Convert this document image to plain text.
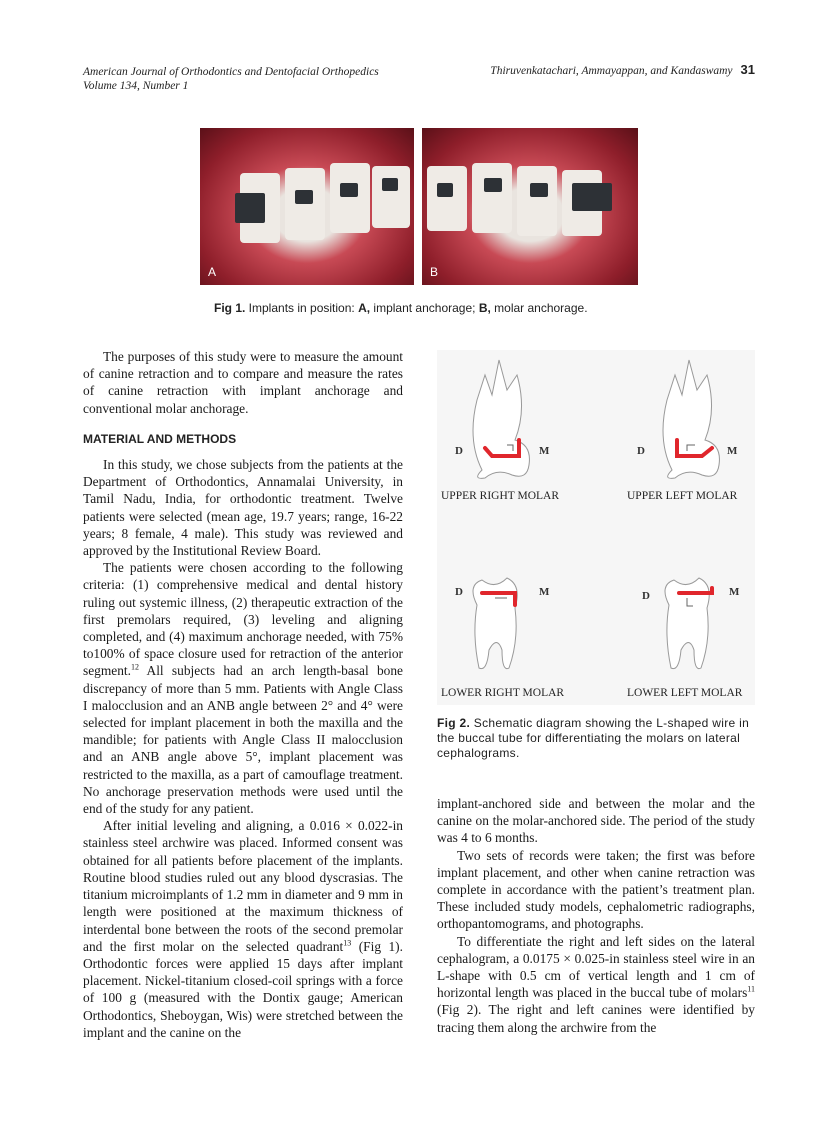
American Journal of Orthodontics and Dentofacial Orthopedics
Volume 134, Number 1
Thiruvenkatachari, Ammayappan, and Kandaswamy 31
A	B
Fig 1. Implants in position: A, implant anchorage; B, molar anchorage.

The purposes of this study were to measure the amount of canine retraction and to compare and measure the rates of canine retraction with implant anchorage and conventional molar anchorage.

MATERIAL AND METHODS

In this study, we chose subjects from the patients at the Department of Orthodontics, Annamalai University, in Tamil Nadu, India, for orthodontic treatment. Twelve patients were selected (mean age, 19.7 years; range, 16-22 years; 8 female, 4 male). This study was reviewed and approved by the Institutional Review Board.

The patients were chosen according to the following criteria: (1) comprehensive medical and dental history ruling out systemic illness, (2) therapeutic extraction of the first premolars required, (3) leveling and aligning completed, and (4) maximum anchorage needed, with 75% to100% of space closure used for retraction of the anterior segment.$^{12}$ All subjects had an arch length-basal bone discrepancy of more than 5 mm. Patients with Angle Class I malocclusion and an ANB angle between 2° and 4° were selected for implant placement in both the maxilla and the mandible; for patients with Angle Class II malocclusion and an ANB angle above 5°, implant placement was restricted to the maxilla, as a part of camouflage treatment. No anchorage preservation methods were used until the end of the study for any patient.

After initial leveling and aligning, a 0.016 × 0.022-in stainless steel archwire was placed. Informed consent was obtained for all patients before placement of the implants. Routine blood studies ruled out any blood dyscrasias. The titanium microimplants of 1.2 mm in diameter and 9 mm in length were positioned at the maximum thickness of interdental bone between the roots of the second premolar and the first molar on the selected quadrant$^{13}$ (Fig 1). Orthodontic forces were applied 15 days after implant placement. Nickel-titanium closed-coil springs with a force of 100 g (measured with the Dontix gauge; American Orthodontics, Sheboygan, Wis) were stretched between the implant and the canine on the

D	M	D	M
D	M	D	M
UPPER RIGHT MOLAR	UPPER LEFT MOLAR
LOWER RIGHT MOLAR	LOWER LEFT MOLAR
Fig 2. Schematic diagram showing the L-shaped wire in the buccal tube for differentiating the molars on lateral cephalograms.

implant-anchored side and between the molar and the canine on the molar-anchored side. The period of the study was 4 to 6 months.

Two sets of records were taken; the first was before implant placement, and other when canine retraction was complete in accordance with the patient’s treatment plan. These included study models, cephalometric radiographs, orthopantomograms, and photographs.

To differentiate the right and left sides on the lateral cephalogram, a 0.0175 × 0.025-in stainless steel wire in an L-shape with 0.5 cm of vertical length and 1 cm of horizontal length was placed in the buccal tube of molars$^{11}$ (Fig 2). The right and left canines were identified by tracing them along the archwire from the
